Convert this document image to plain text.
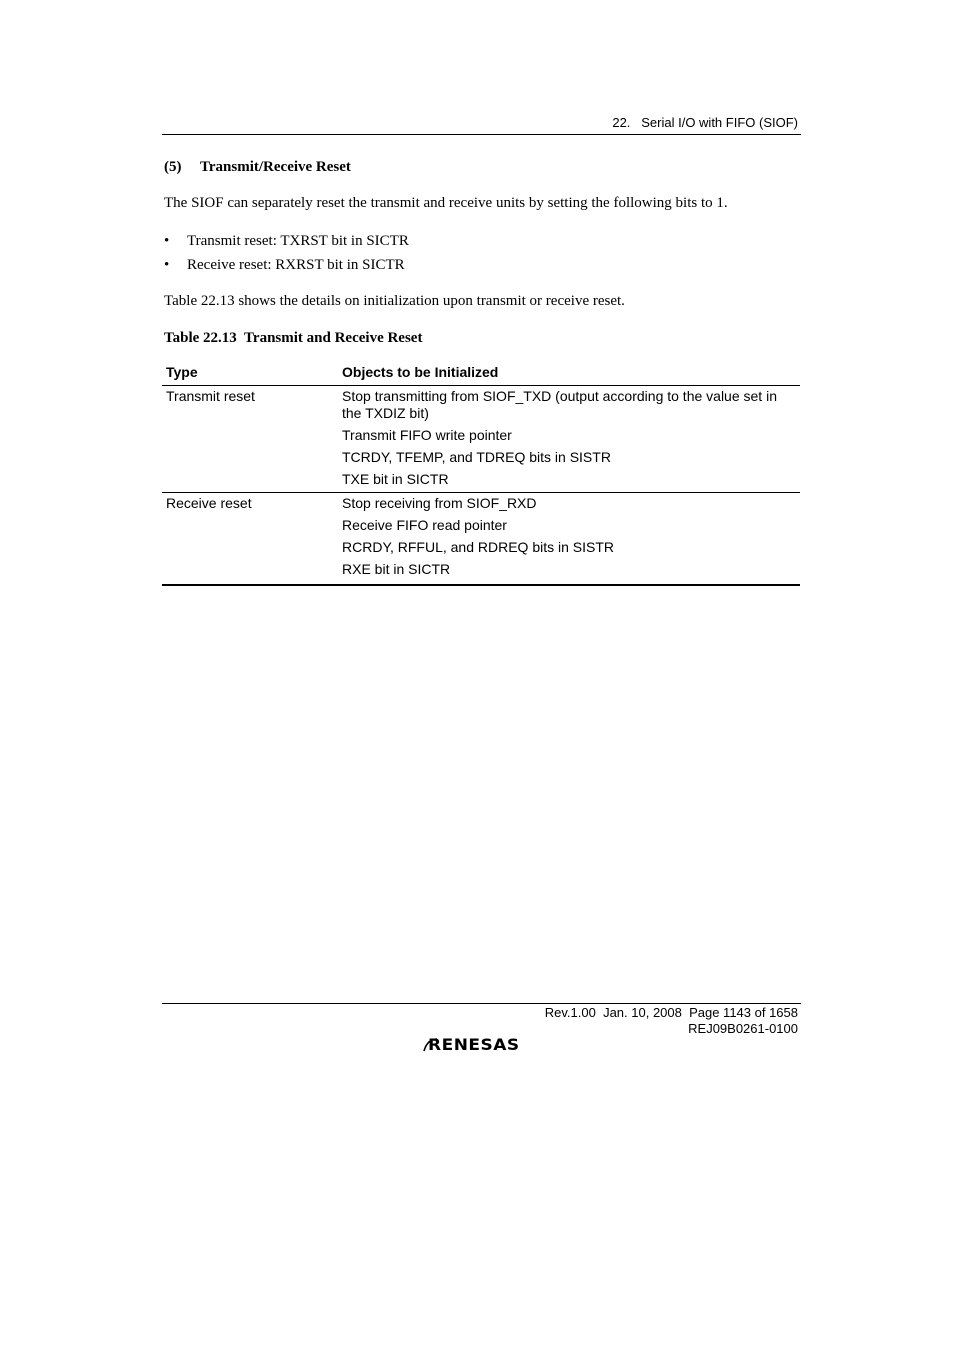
22.   Serial I/O with FIFO (SIOF)
(5) Transmit/Receive Reset
The SIOF can separately reset the transmit and receive units by setting the following bits to 1.
• Transmit reset: TXRST bit in SICTR
• Receive reset: RXRST bit in SICTR
Table 22.13 shows the details on initialization upon transmit or receive reset.
Table 22.13  Transmit and Receive Reset
Type	Objects to be Initialized
Transmit reset	Stop transmitting from SIOF_TXD (output according to the value set in the TXDIZ bit)
Transmit FIFO write pointer
TCRDY, TFEMP, and TDREQ bits in SISTR
TXE bit in SICTR

Receive reset	Stop receiving from SIOF_RXD
Receive FIFO read pointer
RCRDY, RFFUL, and RDREQ bits in SISTR
RXE bit in SICTR
Rev.1.00  Jan. 10, 2008  Page 1143 of 1658
REJ09B0261-0100
RENESAS
